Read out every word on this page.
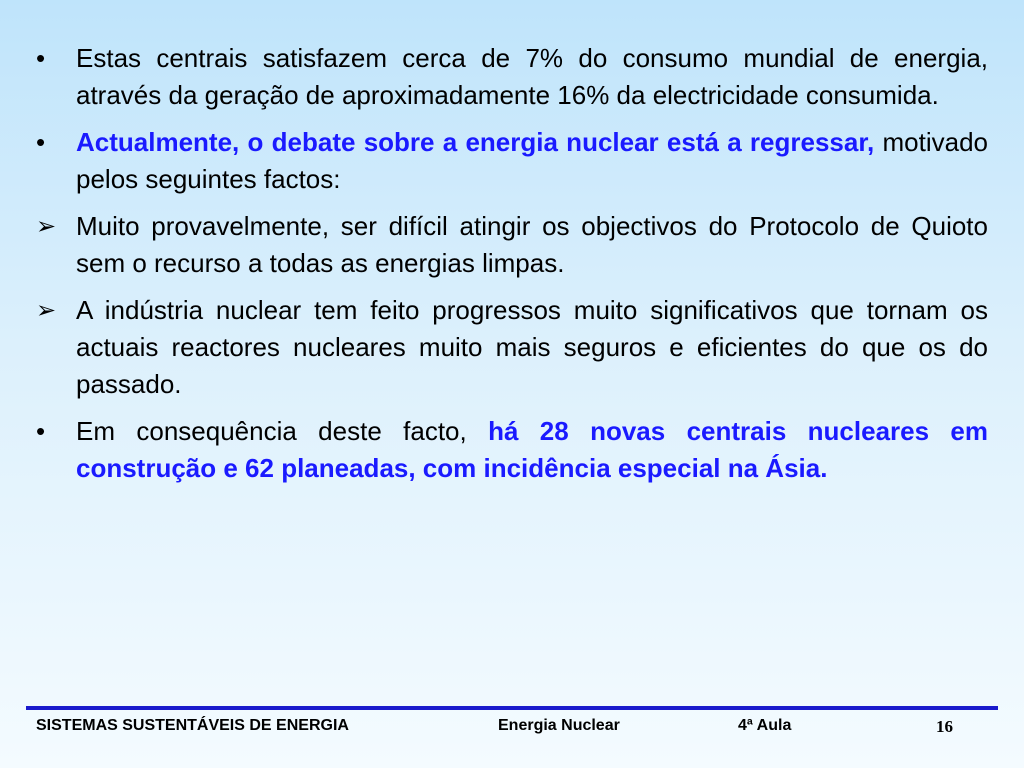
•	Estas centrais satisfazem cerca de 7% do consumo mundial de energia, através da geração de aproximadamente 16% da electricidade consumida.
•	Actualmente, o debate sobre a energia nuclear está a regressar, motivado pelos seguintes factos:
➢ Muito provavelmente, ser difícil atingir os objectivos do Protocolo de Quioto sem o recurso a todas as energias limpas.
➢ A indústria nuclear tem feito progressos muito significativos que tornam os actuais reactores nucleares muito mais seguros e eficientes do que os do passado.
•	Em consequência deste facto, há 28 novas centrais nucleares em construção e 62 planeadas, com incidência especial na Ásia.
SISTEMAS SUSTENTÁVEIS DE ENERGIA	Energia Nuclear	4ª Aula	16
